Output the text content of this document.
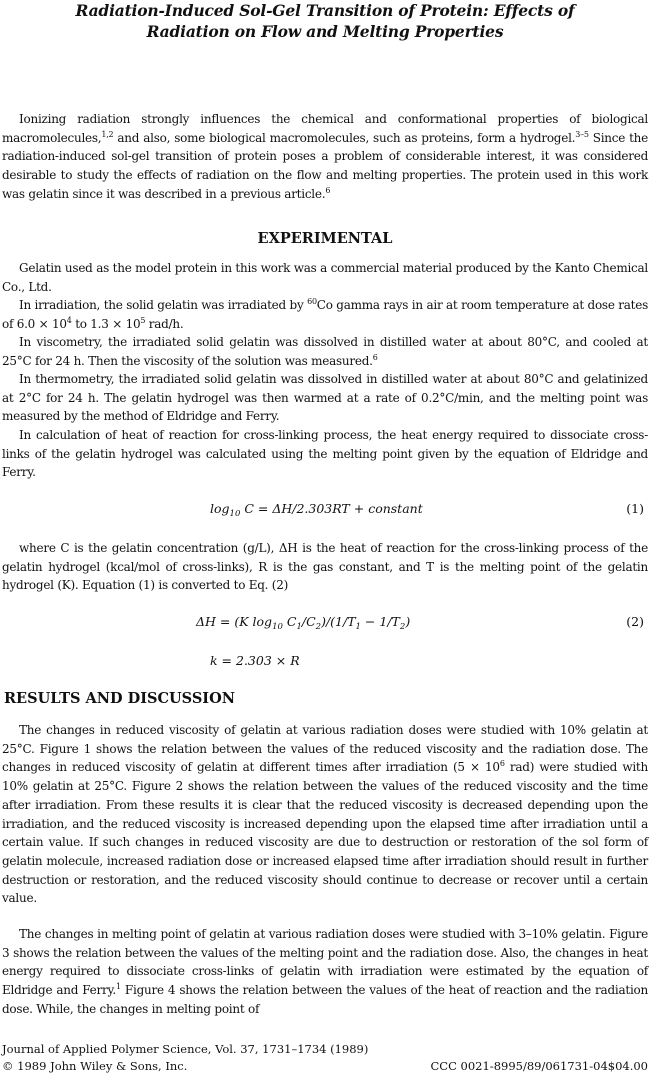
Radiation-Induced Sol-Gel Transition of Protein: Effects of
Radiation on Flow and Melting Properties
Ionizing radiation strongly influences the chemical and conformational properties of biological macromolecules,$^{1,2}$ and also, some biological macromolecules, such as proteins, form a hydrogel.$^{3-5}$ Since the radiation-induced sol-gel transition of protein poses a problem of considerable interest, it was considered desirable to study the effects of radiation on the flow and melting properties. The protein used in this work was gelatin since it was described in a previous article.$^6$
EXPERIMENTAL
Gelatin used as the model protein in this work was a commercial material produced by the Kanto Chemical Co., Ltd.
In irradiation, the solid gelatin was irradiated by $^{60}$Co gamma rays in air at room temperature at dose rates of $6.0 \times 10^4$ to $1.3 \times 10^5$ rad/h.
In viscometry, the irradiated solid gelatin was dissolved in distilled water at about 80°C, and cooled at 25°C for 24 h. Then the viscosity of the solution was measured.$^6$
In thermometry, the irradiated solid gelatin was dissolved in distilled water at about 80°C and gelatinized at 2°C for 24 h. The gelatin hydrogel was then warmed at a rate of 0.2°C/min, and the melting point was measured by the method of Eldridge and Ferry.
In calculation of heat of reaction for cross-linking process, the heat energy required to dissociate cross-links of the gelatin hydrogel was calculated using the melting point given by the equation of Eldridge and Ferry.
$\log_{10} C = \Delta H/2.303RT$ + constant	(1)
where C is the gelatin concentration (g/L), ΔH is the heat of reaction for the cross-linking process of the gelatin hydrogel (kcal/mol of cross-links), R is the gas constant, and T is the melting point of the gelatin hydrogel (K). Equation (1) is converted to Eq. (2)
ΔH = (K $\log_{10} C_1/C_2)/(1/T_1 - 1/T_2)$	(2)
k = 2.303 × R
RESULTS AND DISCUSSION
The changes in reduced viscosity of gelatin at various radiation doses were studied with 10% gelatin at 25°C. Figure 1 shows the relation between the values of the reduced viscosity and the radiation dose. The changes in reduced viscosity of gelatin at different times after irradiation ($5 \times 10^6$ rad) were studied with 10% gelatin at 25°C. Figure 2 shows the relation between the values of the reduced viscosity and the time after irradiation. From these results it is clear that the reduced viscosity is decreased depending upon the irradiation, and the reduced viscosity is increased depending upon the elapsed time after irradiation until a certain value. If such changes in reduced viscosity are due to destruction or restoration of the sol form of gelatin molecule, increased radiation dose or increased elapsed time after irradiation should result in further destruction or restoration, and the reduced viscosity should continue to decrease or recover until a certain value.
The changes in melting point of gelatin at various radiation doses were studied with 3–10% gelatin. Figure 3 shows the relation between the values of the melting point and the radiation dose. Also, the changes in heat energy required to dissociate cross-links of gelatin with irradiation were estimated by the equation of Eldridge and Ferry.$^1$ Figure 4 shows the relation between the values of the heat of reaction and the radiation dose. While, the changes in melting point of
Journal of Applied Polymer Science, Vol. 37, 1731–1734 (1989)
© 1989 John Wiley & Sons, Inc.	CCC 0021-8995/89/061731-04$04.00
